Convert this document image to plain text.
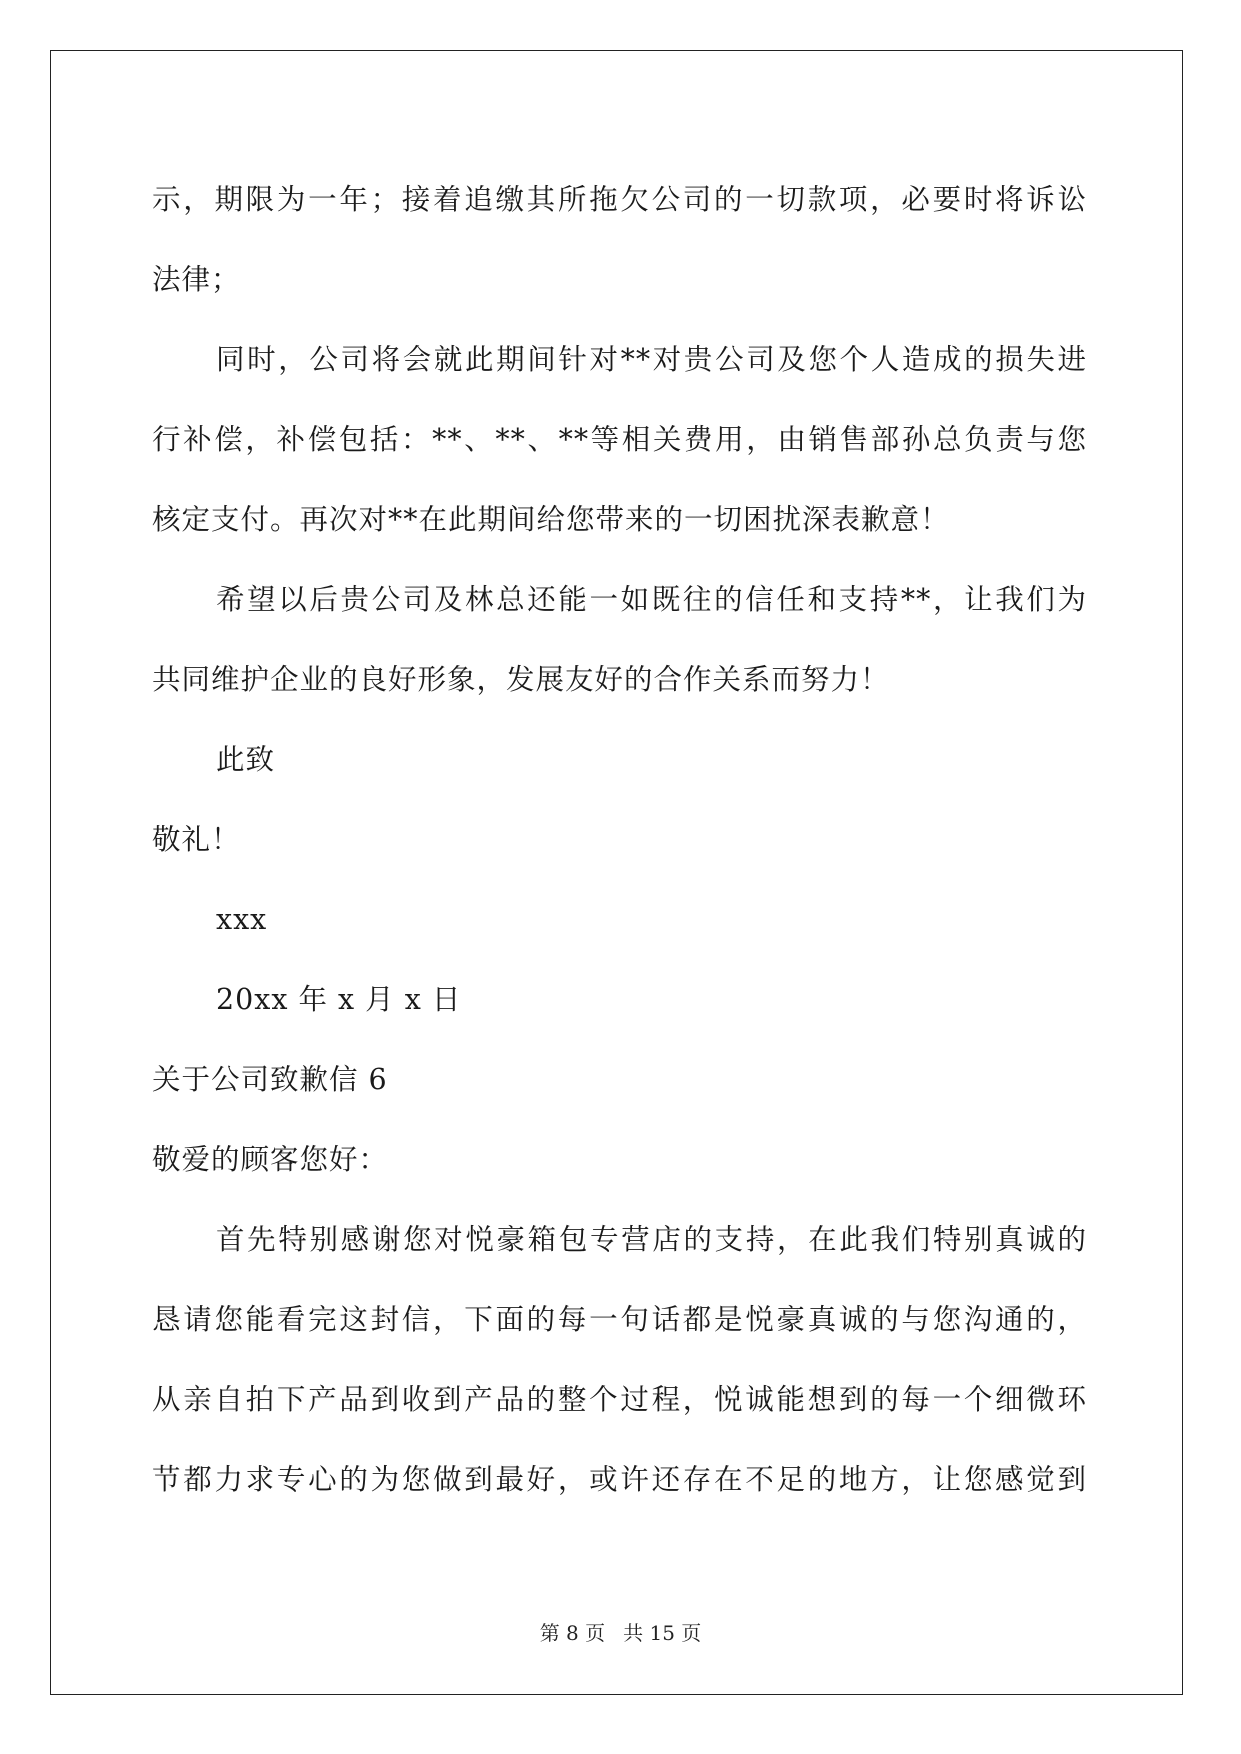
示，期限为一年；接着追缴其所拖欠公司的一切款项，必要时将诉讼
法律；
同时，公司将会就此期间针对**对贵公司及您个人造成的损失进
行补偿，补偿包括：**、**、**等相关费用，由销售部孙总负责与您
核定支付。再次对**在此期间给您带来的一切困扰深表歉意！
希望以后贵公司及林总还能一如既往的信任和支持**，让我们为
共同维护企业的良好形象，发展友好的合作关系而努力！
此致
敬礼！
xxx
20xx 年 x 月 x 日
关于公司致歉信 6
敬爱的顾客您好：
首先特别感谢您对悦豪箱包专营店的支持，在此我们特别真诚的
恳请您能看完这封信，下面的每一句话都是悦豪真诚的与您沟通的，
从亲自拍下产品到收到产品的整个过程，悦诚能想到的每一个细微环
节都力求专心的为您做到最好，或许还存在不足的地方，让您感觉到
第 8 页 共 15 页
